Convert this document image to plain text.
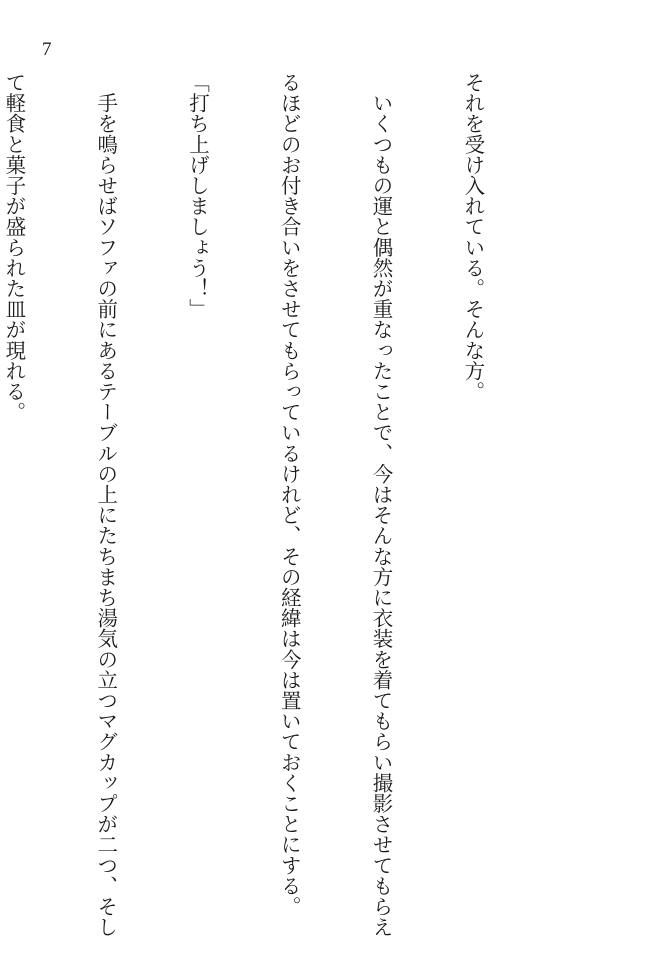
7

それを受け入れている。そんな方。

　いくつもの運と偶然が重なったことで、今はそんな方に衣装を着てもらい撮影させてもらえ

るほどのお付き合いをさせてもらっているけれど、その経緯は今は置いておくことにする。

「打ち上げしましょう！」

　手を鳴らせばソファの前にあるテーブルの上にたちまち湯気の立つマグカップが二つ、そし

て軽食と菓子が盛られた皿が現れる。
